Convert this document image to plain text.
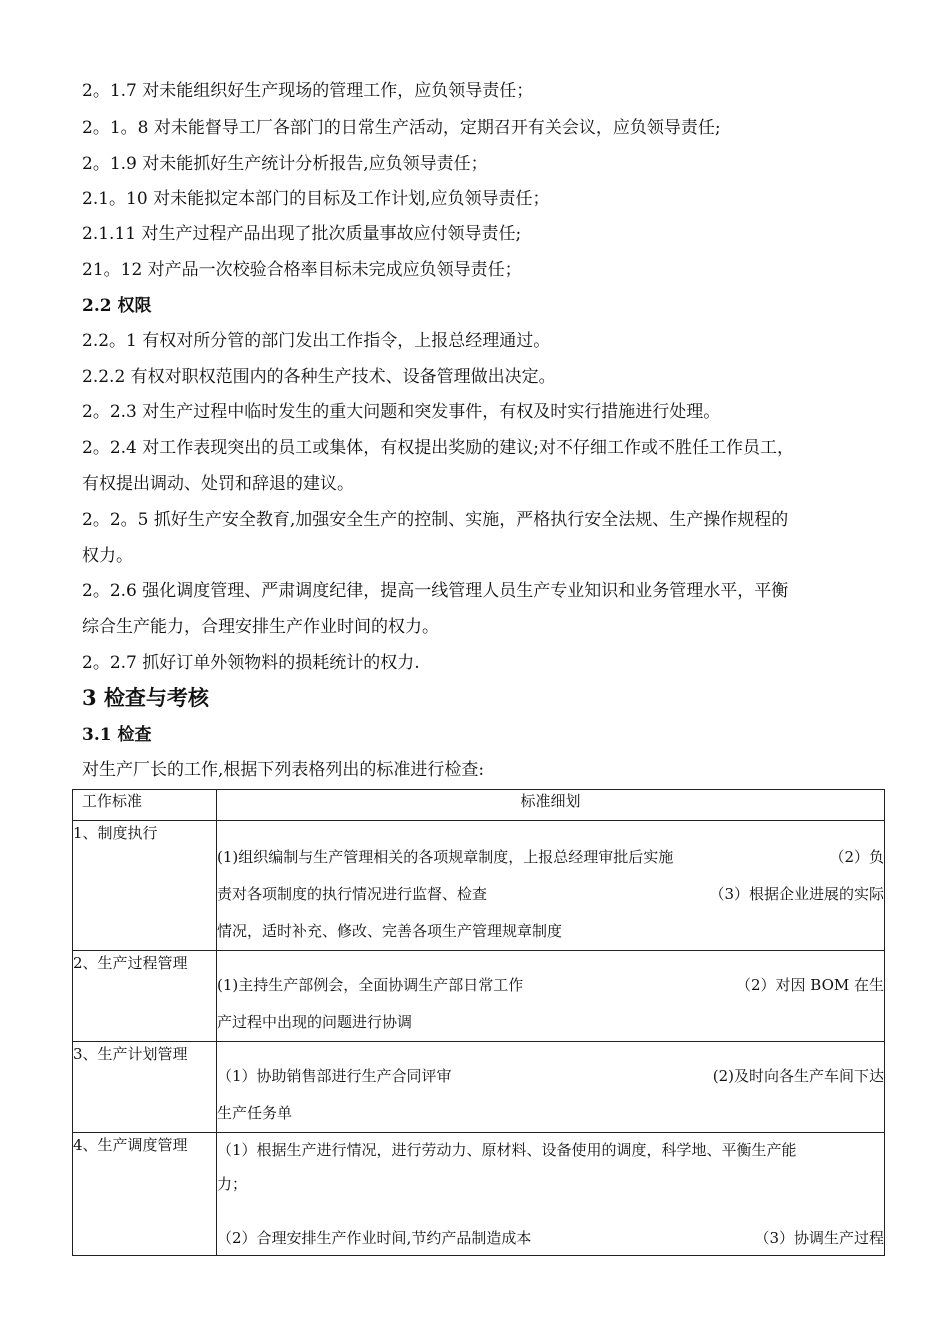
2。1.7 对未能组织好生产现场的管理工作，应负领导责任；
2。1。8 对未能督导工厂各部门的日常生产活动，定期召开有关会议，应负领导责任;
2。1.9 对未能抓好生产统计分析报告,应负领导责任；
2.1。10 对未能拟定本部门的目标及工作计划,应负领导责任；
2.1.11 对生产过程产品出现了批次质量事故应付领导责任;
21。12 对产品一次校验合格率目标未完成应负领导责任；
2.2 权限
2.2。1 有权对所分管的部门发出工作指令，上报总经理通过。
2.2.2 有权对职权范围内的各种生产技术、设备管理做出决定。
2。2.3 对生产过程中临时发生的重大问题和突发事件，有权及时实行措施进行处理。
2。2.4 对工作表现突出的员工或集体，有权提出奖励的建议;对不仔细工作或不胜任工作员工，
有权提出调动、处罚和辞退的建议。
2。2。5 抓好生产安全教育,加强安全生产的控制、实施，严格执行安全法规、生产操作规程的
权力。
2。2.6 强化调度管理、严肃调度纪律，提高一线管理人员生产专业知识和业务管理水平，平衡
综合生产能力，合理安排生产作业时间的权力。
2。2.7 抓好订单外领物料的损耗统计的权力.
3 检查与考核
3.1 检查
对生产厂长的工作,根据下列表格列出的标准进行检查:
工作标准	标准细划
1、制度执行	(1)组织编制与生产管理相关的各项规章制度，上报总经理审批后实施 （2）负
责对各项制度的执行情况进行监督、检查 （3）根据企业进展的实际
情况，适时补充、修改、完善各项生产管理规章制度

2、生产过程管理	(1)主持生产部例会，全面协调生产部日常工作 （2）对因 BOM 在生
产过程中出现的问题进行协调

3、生产计划管理	（1）协助销售部进行生产合同评审 (2)及时向各生产车间下达
生产任务单

4、生产调度管理	（1）根据生产进行情况，进行劳动力、原材料、设备使用的调度，科学地、平衡生产能
力；
（2）合理安排生产作业时间,节约产品制造成本 （3）协调生产过程
